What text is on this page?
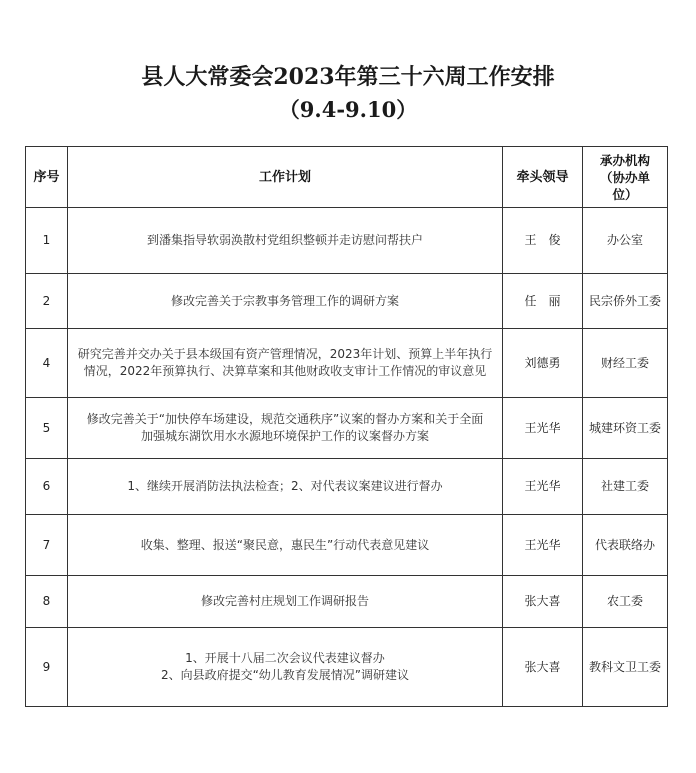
县人大常委会2023年第三十六周工作安排
（9.4-9.10）
序号	工作计划	牵头领导	承办机构
（协办单
位）

1	到潘集指导软弱涣散村党组织整顿并走访慰问帮扶户	王　俊	办公室
2	修改完善关于宗教事务管理工作的调研方案	任　丽	民宗侨外工委
4	研究完善并交办关于县本级国有资产管理情况，2023年计划、预算上半年执行
情况，2022年预算执行、决算草案和其他财政收支审计工作情况的审议意见	刘德勇	财经工委
5	修改完善关于“加快停车场建设，规范交通秩序”议案的督办方案和关于全面
加强城东湖饮用水水源地环境保护工作的议案督办方案	王光华	城建环资工委
6	1、继续开展消防法执法检查；2、对代表议案建议进行督办	王光华	社建工委
7	收集、整理、报送“聚民意，惠民生”行动代表意见建议	王光华	代表联络办
8	修改完善村庄规划工作调研报告	张大喜	农工委
9	1、开展十八届二次会议代表建议督办
2、向县政府提交“幼儿教育发展情况”调研建议	张大喜	教科文卫工委
